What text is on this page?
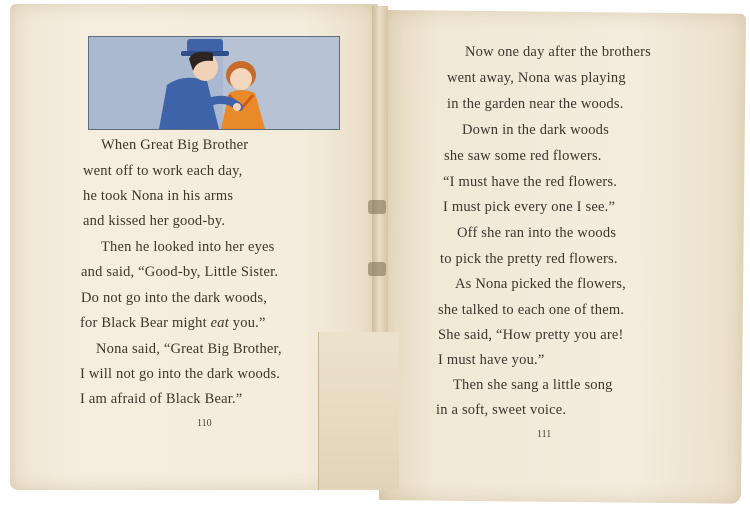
When Great Big Brother
went off to work each day,
he took Nona in his arms
and kissed her good-by.
Then he looked into her eyes
and said, “Good-by, Little Sister.
Do not go into the dark woods,
for Black Bear might eat you.”
Nona said, “Great Big Brother,
I will not go into the dark woods.
I am afraid of Black Bear.”
110
Now one day after the brothers
went away, Nona was playing
in the garden near the woods.
Down in the dark woods
she saw some red flowers.
“I must have the red flowers.
I must pick every one I see.”
Off she ran into the woods
to pick the pretty red flowers.
As Nona picked the flowers,
she talked to each one of them.
She said, “How pretty you are!
I must have you.”
Then she sang a little song
in a soft, sweet voice.
111
